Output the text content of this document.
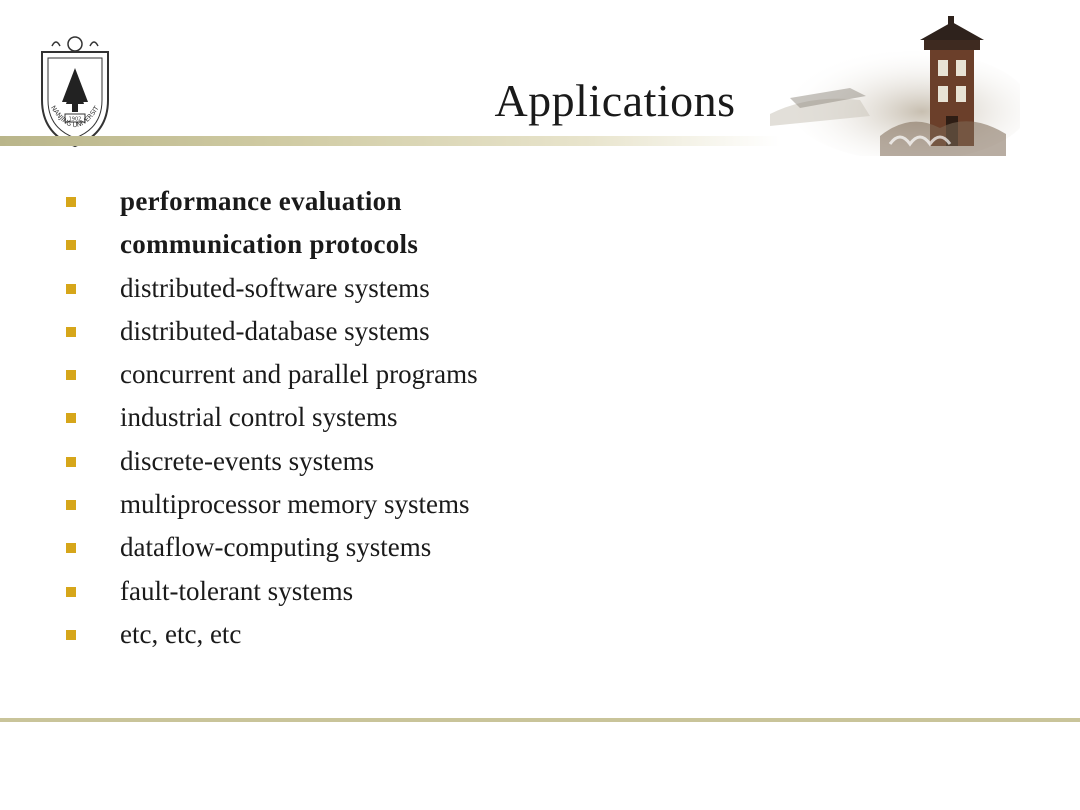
1902
NANJING UNIVERSIT	Applications
performance evaluation
communication protocols
distributed-software systems
distributed-database systems
concurrent and parallel programs
industrial control systems
discrete-events systems
multiprocessor memory systems
dataflow-computing systems
fault-tolerant systems
etc, etc, etc
